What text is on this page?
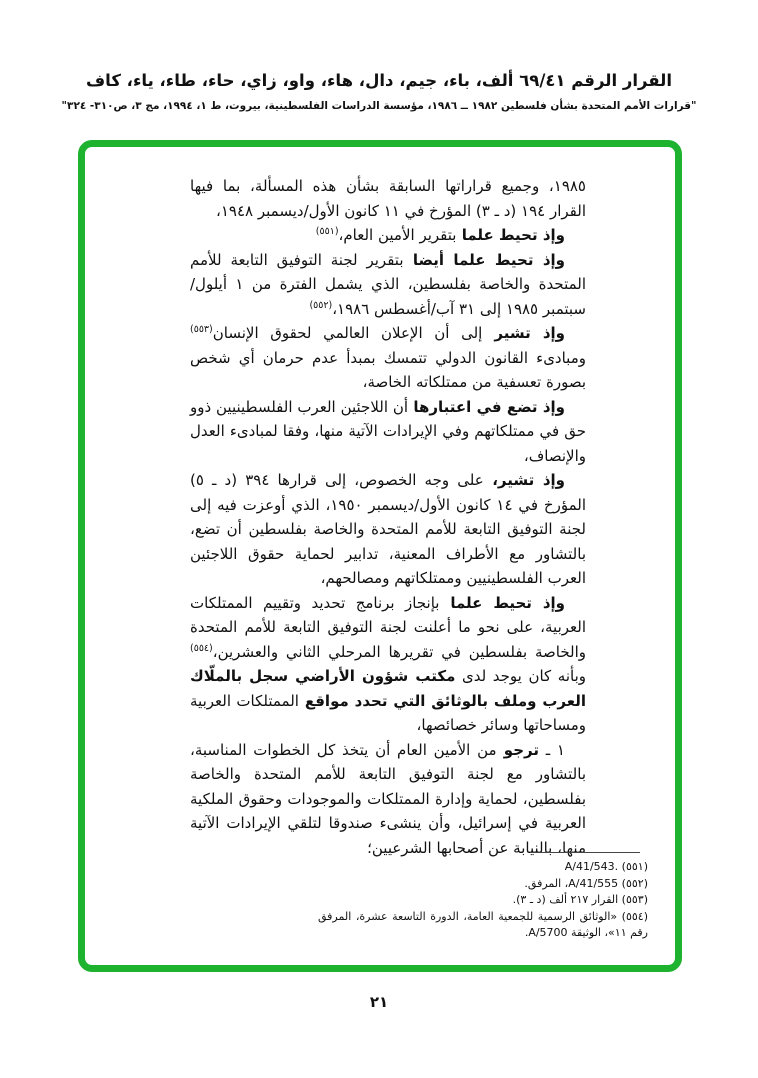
القرار الرقم ٦٩/٤١ ألف، باء، جيم، دال، هاء، واو، زاي، حاء، طاء، ياء، كاف
"قرارات الأمم المتحدة بشأن فلسطين ١٩٨٢ ــ ١٩٨٦، مؤسسة الدراسات الفلسطينية، بيروت، ط ١، ١٩٩٤، مج ٣، ص٣١٠- ٣٢٤"

١٩٨٥، وجميع قراراتها السابقة بشأن هذه المسألة، بما فيها القرار ١٩٤ (د ـ ٣) المؤرخ في ١١ كانون الأول/ديسمبر ١٩٤٨،

وإذ تحيط علما بتقرير الأمين العام،$^{(٥٥١)}$

وإذ تحيط علما أيضا بتقرير لجنة التوفيق التابعة للأمم المتحدة والخاصة بفلسطين، الذي يشمل الفترة من ١ أيلول/سبتمبر ١٩٨٥ إلى ٣١ آب/أغسطس ١٩٨٦،$^{(٥٥٢)}$

وإذ تشير إلى أن الإعلان العالمي لحقوق الإنسان$^{(٥٥٣)}$ ومبادىء القانون الدولي تتمسك بمبدأ عدم حرمان أي شخص بصورة تعسفية من ممتلكاته الخاصة،

وإذ تضع في اعتبارها أن اللاجئين العرب الفلسطينيين ذوو حق في ممتلكاتهم وفي الإيرادات الآتية منها، وفقا لمبادىء العدل والإنصاف،

وإذ تشير، على وجه الخصوص، إلى قرارها ٣٩٤ (د ـ ٥) المؤرخ في ١٤ كانون الأول/ديسمبر ١٩٥٠، الذي أوعزت فيه إلى لجنة التوفيق التابعة للأمم المتحدة والخاصة بفلسطين أن تضع، بالتشاور مع الأطراف المعنية، تدابير لحماية حقوق اللاجئين العرب الفلسطينيين وممتلكاتهم ومصالحهم،

وإذ تحيط علما بإنجاز برنامج تحديد وتقييم الممتلكات العربية، على نحو ما أعلنت لجنة التوفيق التابعة للأمم المتحدة والخاصة بفلسطين في تقريرها المرحلي الثاني والعشرين،$^{(٥٥٤)}$ وبأنه كان يوجد لدى مكتب شؤون الأراضي سجل بالملّاك العرب وملف بالوثائق التي تحدد مواقع الممتلكات العربية ومساحاتها وسائر خصائصها،

١ ـ ترجو من الأمين العام أن يتخذ كل الخطوات المناسبة، بالتشاور مع لجنة التوفيق التابعة للأمم المتحدة والخاصة بفلسطين، لحماية وإدارة الممتلكات والموجودات وحقوق الملكية العربية في إسرائيل، وأن ينشىء صندوقا لتلقي الإيرادات الآتية منها، بالنيابة عن أصحابها الشرعيين؛

(٥٥١) A/41/543.
(٥٥٢) A/41/555، المرفق.
(٥٥٣) القرار ٢١٧ ألف (د ـ ٣).
(٥٥٤) «الوثائق الرسمية للجمعية العامة، الدورة التاسعة عشرة، المرفق رقم ١١»، الوثيقة A/5700.
٢١
